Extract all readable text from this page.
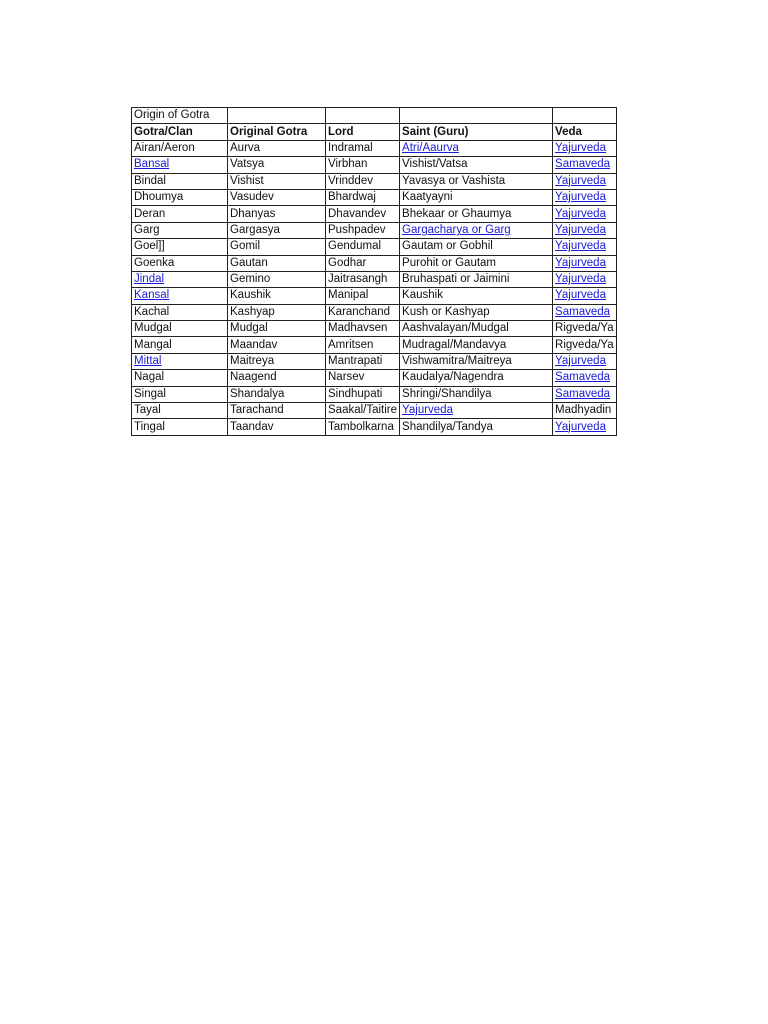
Origin of Gotra				
Gotra/Clan	Original Gotra	Lord	Saint (Guru)	Veda
Airan/Aeron	Aurva	Indramal	Atri/Aaurva	Yajurveda
Bansal	Vatsya	Virbhan	Vishist/Vatsa	Samaveda
Bindal	Vishist	Vrinddev	Yavasya or Vashista	Yajurveda
Dhoumya	Vasudev	Bhardwaj	Kaatyayni	Yajurveda
Deran	Dhanyas	Dhavandev	Bhekaar or Ghaumya	Yajurveda
Garg	Gargasya	Pushpadev	Gargacharya or Garg	Yajurveda
Goel]]	Gomil	Gendumal	Gautam or Gobhil	Yajurveda
Goenka	Gautan	Godhar	Purohit or Gautam	Yajurveda
Jindal	Gemino	Jaitrasangh	Bruhaspati or Jaimini	Yajurveda
Kansal	Kaushik	Manipal	Kaushik	Yajurveda
Kachal	Kashyap	Karanchand	Kush or Kashyap	Samaveda
Mudgal	Mudgal	Madhavsen	Aashvalayan/Mudgal	Rigveda/Ya
Mangal	Maandav	Amritsen	Mudragal/Mandavya	Rigveda/Ya
Mittal	Maitreya	Mantrapati	Vishwamitra/Maitreya	Yajurveda
Nagal	Naagend	Narsev	Kaudalya/Nagendra	Samaveda
Singal	Shandalya	Sindhupati	Shringi/Shandilya	Samaveda
Tayal	Tarachand	Saakal/Taitire	Yajurveda	Madhyadin
Tingal	Taandav	Tambolkarna	Shandilya/Tandya	Yajurveda
